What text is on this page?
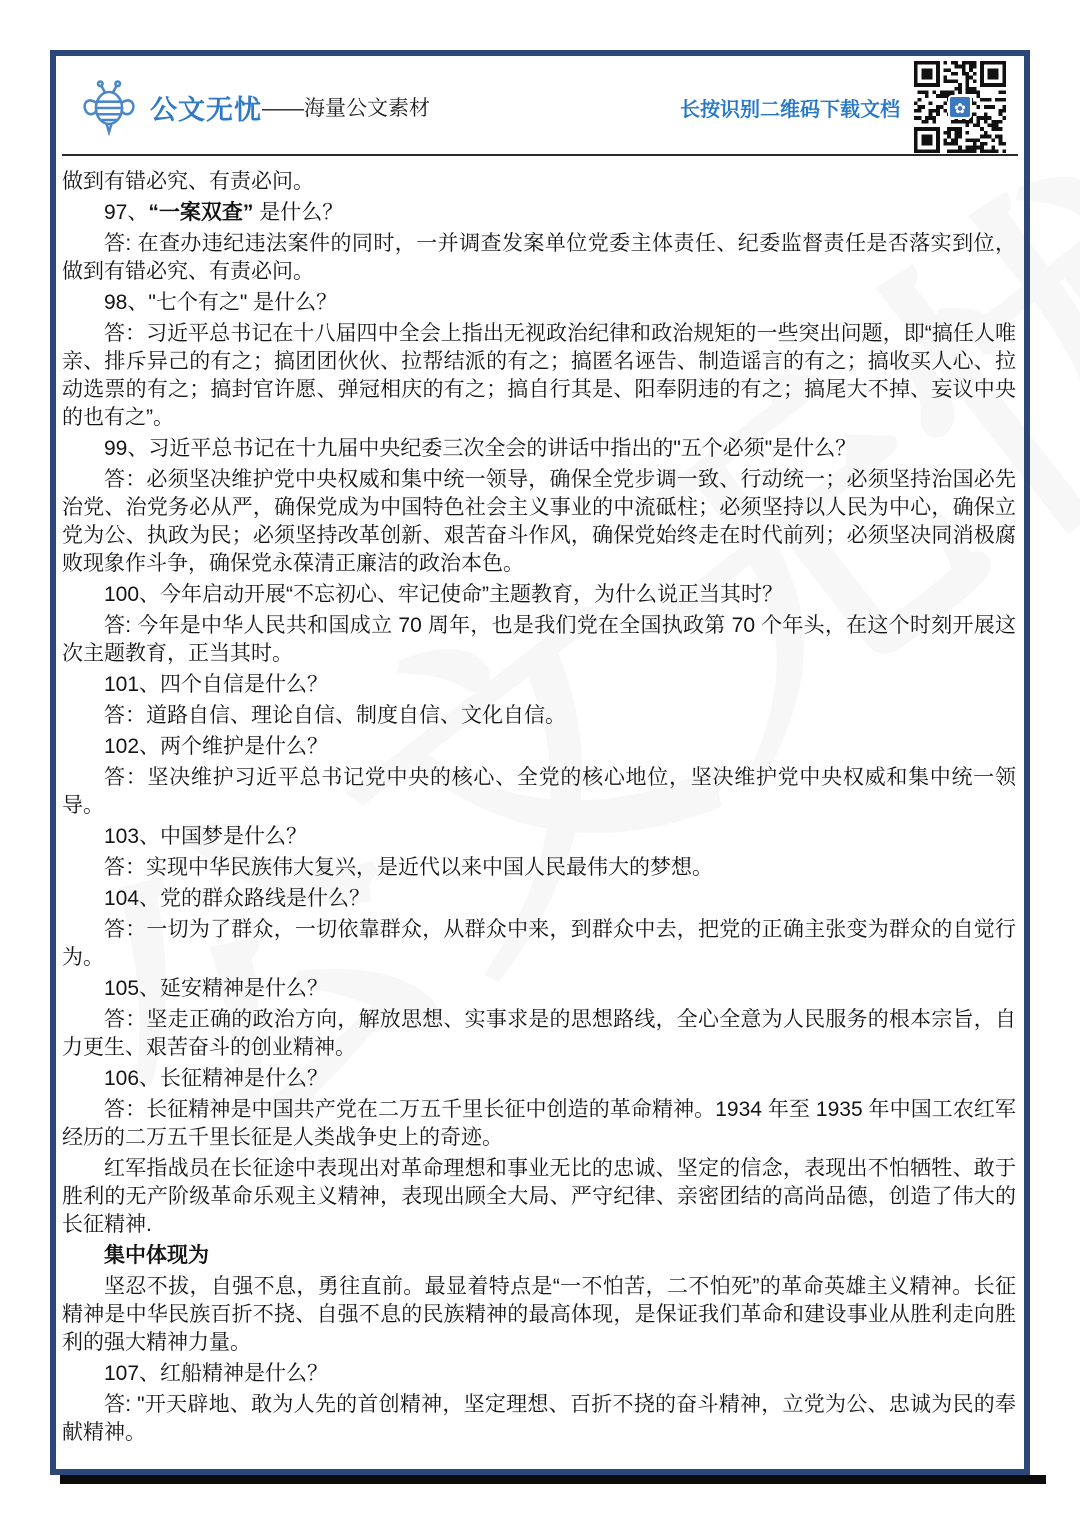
公文无忧 ——海量公文素材	长按识别二维码下载文档	✿

做到有错必究、有责必问。

97、“一案双查” 是什么？

答: 在查办违纪违法案件的同时，一并调查发案单位党委主体责任、纪委监督责任是否落实到位，做到有错必究、有责必问。

98、"七个有之" 是什么？

答：习近平总书记在十八届四中全会上指出无视政治纪律和政治规矩的一些突出问题，即“搞任人唯亲、排斥异己的有之；搞团团伙伙、拉帮结派的有之；搞匿名诬告、制造谣言的有之；搞收买人心、拉动选票的有之；搞封官许愿、弹冠相庆的有之；搞自行其是、阳奉阴违的有之；搞尾大不掉、妄议中央的也有之”。

99、习近平总书记在十九届中央纪委三次全会的讲话中指出的"五个必须"是什么？

答：必须坚决维护党中央权威和集中统一领导，确保全党步调一致、行动统一；必须坚持治国必先治党、治党务必从严，确保党成为中国特色社会主义事业的中流砥柱；必须坚持以人民为中心，确保立党为公、执政为民；必须坚持改革创新、艰苦奋斗作风，确保党始终走在时代前列；必须坚决同消极腐败现象作斗争，确保党永葆清正廉洁的政治本色。

100、今年启动开展“不忘初心、牢记使命”主题教育，为什么说正当其时？

答: 今年是中华人民共和国成立 70 周年，也是我们党在全国执政第 70 个年头，在这个时刻开展这次主题教育，正当其时。

101、四个自信是什么？

答：道路自信、理论自信、制度自信、文化自信。

102、两个维护是什么？

答：坚决维护习近平总书记党中央的核心、全党的核心地位，坚决维护党中央权威和集中统一领导。

103、中国梦是什么？

答：实现中华民族伟大复兴，是近代以来中国人民最伟大的梦想。

104、党的群众路线是什么？

答：一切为了群众，一切依靠群众，从群众中来，到群众中去，把党的正确主张变为群众的自觉行为。

105、延安精神是什么？

答：坚走正确的政治方向，解放思想、实事求是的思想路线，全心全意为人民服务的根本宗旨，自力更生、艰苦奋斗的创业精神。

106、长征精神是什么？

答：长征精神是中国共产党在二万五千里长征中创造的革命精神。1934 年至 1935 年中国工农红军经历的二万五千里长征是人类战争史上的奇迹。

红军指战员在长征途中表现出对革命理想和事业无比的忠诚、坚定的信念，表现出不怕牺牲、敢于胜利的无产阶级革命乐观主义精神，表现出顾全大局、严守纪律、亲密团结的高尚品德，创造了伟大的长征精神.

集中体现为

坚忍不拔，自强不息，勇往直前。最显着特点是“一不怕苦，二不怕死”的革命英雄主义精神。长征精神是中华民族百折不挠、自强不息的民族精神的最高体现，是保证我们革命和建设事业从胜利走向胜利的强大精神力量。

107、红船精神是什么？

答: "开天辟地、敢为人先的首创精神，坚定理想、百折不挠的奋斗精神，立党为公、忠诚为民的奉献精神。
